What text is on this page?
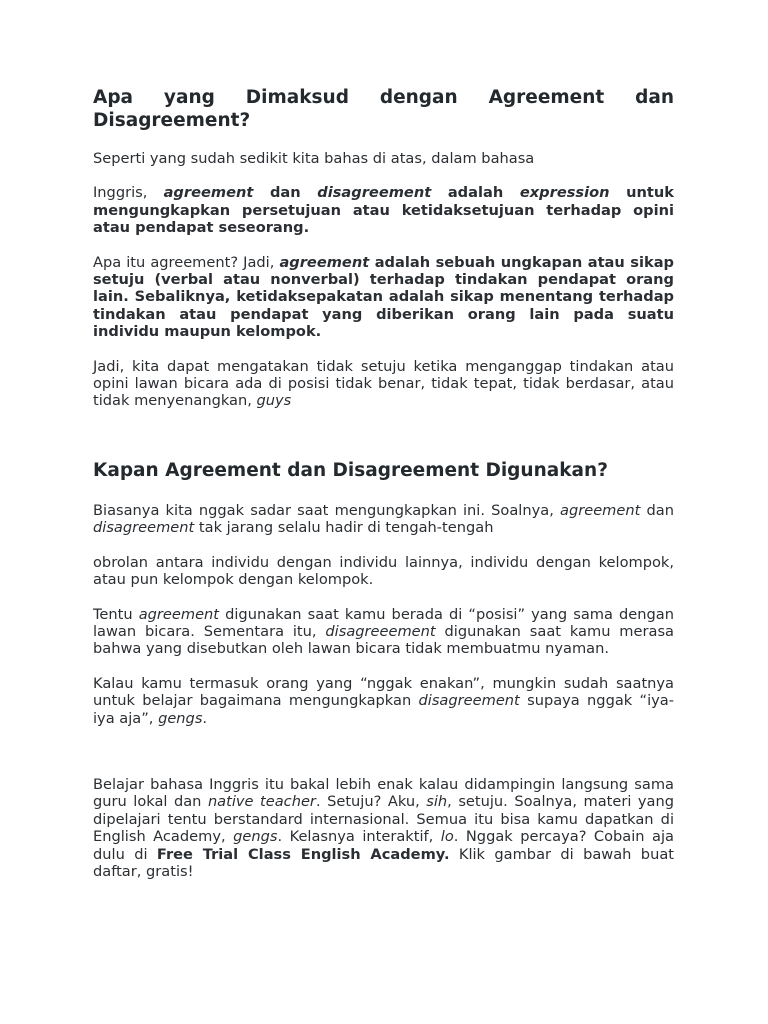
Apa yang Dimaksud dengan Agreement dan Disagreement?

Seperti yang sudah sedikit kita bahas di atas, dalam bahasa

Inggris, agreement dan disagreement adalah expression untuk mengungkapkan persetujuan atau ketidaksetujuan terhadap opini atau pendapat seseorang.

Apa itu agreement? Jadi, agreement adalah sebuah ungkapan atau sikap setuju (verbal atau nonverbal) terhadap tindakan pendapat orang lain. Sebaliknya, ketidaksepakatan adalah sikap menentang terhadap tindakan atau pendapat yang diberikan orang lain pada suatu individu maupun kelompok.

Jadi, kita dapat mengatakan tidak setuju ketika menganggap tindakan atau opini lawan bicara ada di posisi tidak benar, tidak tepat, tidak berdasar, atau tidak menyenangkan, guys

Kapan Agreement dan Disagreement Digunakan?

Biasanya kita nggak sadar saat mengungkapkan ini. Soalnya, agreement dan disagreement tak jarang selalu hadir di tengah-tengah

obrolan antara individu dengan individu lainnya, individu dengan kelompok, atau pun kelompok dengan kelompok.

Tentu agreement digunakan saat kamu berada di “posisi” yang sama dengan lawan bicara. Sementara itu, disagreeement digunakan saat kamu merasa bahwa yang disebutkan oleh lawan bicara tidak membuatmu nyaman.

Kalau kamu termasuk orang yang “nggak enakan”, mungkin sudah saatnya untuk belajar bagaimana mengungkapkan disagreement supaya nggak “iya-iya aja”, gengs.

Belajar bahasa Inggris itu bakal lebih enak kalau didampingin langsung sama guru lokal dan native teacher. Setuju? Aku, sih, setuju. Soalnya, materi yang dipelajari tentu berstandard internasional. Semua itu bisa kamu dapatkan di English Academy, gengs. Kelasnya interaktif, lo. Nggak percaya? Cobain aja dulu di Free Trial Class English Academy. Klik gambar di bawah buat daftar, gratis!
